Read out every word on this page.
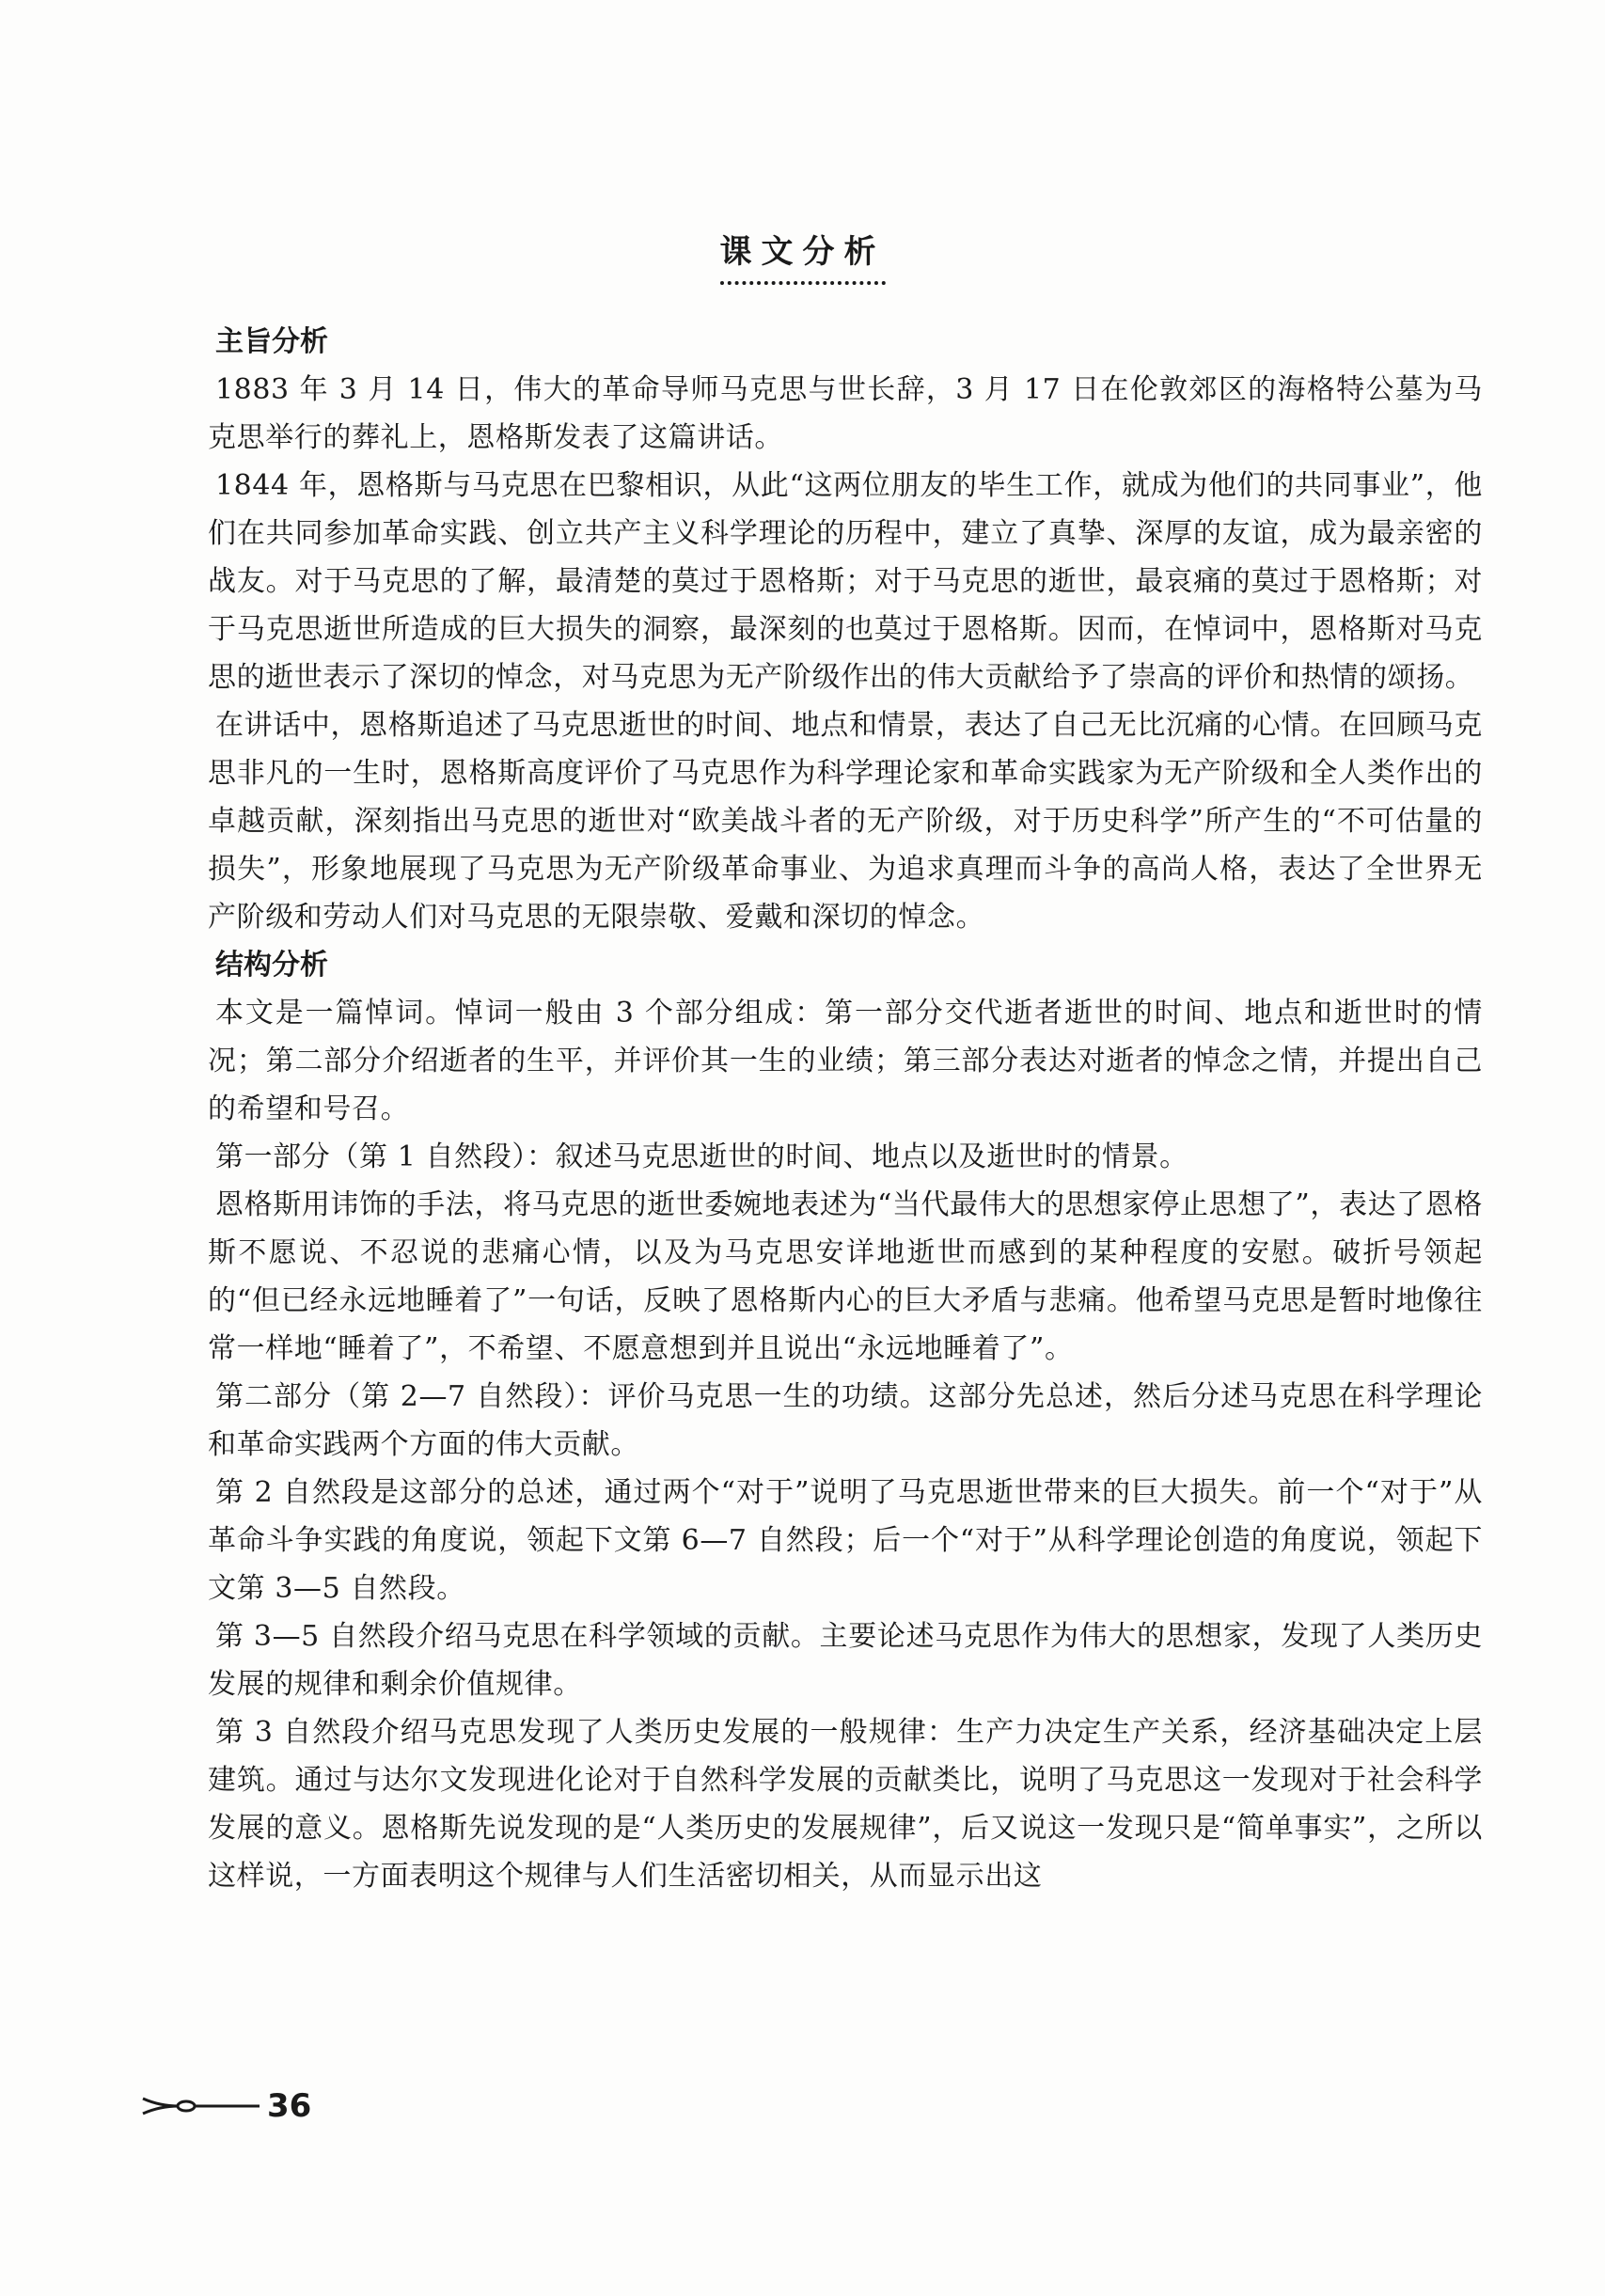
课文分析

主旨分析

1883 年 3 月 14 日，伟大的革命导师马克思与世长辞，3 月 17 日在伦敦郊区的海格特公墓为马克思举行的葬礼上，恩格斯发表了这篇讲话。

1844 年，恩格斯与马克思在巴黎相识，从此“这两位朋友的毕生工作，就成为他们的共同事业”，他们在共同参加革命实践、创立共产主义科学理论的历程中，建立了真挚、深厚的友谊，成为最亲密的战友。对于马克思的了解，最清楚的莫过于恩格斯；对于马克思的逝世，最哀痛的莫过于恩格斯；对于马克思逝世所造成的巨大损失的洞察，最深刻的也莫过于恩格斯。因而，在悼词中，恩格斯对马克思的逝世表示了深切的悼念，对马克思为无产阶级作出的伟大贡献给予了崇高的评价和热情的颂扬。

在讲话中，恩格斯追述了马克思逝世的时间、地点和情景，表达了自己无比沉痛的心情。在回顾马克思非凡的一生时，恩格斯高度评价了马克思作为科学理论家和革命实践家为无产阶级和全人类作出的卓越贡献，深刻指出马克思的逝世对“欧美战斗者的无产阶级，对于历史科学”所产生的“不可估量的损失”，形象地展现了马克思为无产阶级革命事业、为追求真理而斗争的高尚人格，表达了全世界无产阶级和劳动人们对马克思的无限崇敬、爱戴和深切的悼念。

结构分析

本文是一篇悼词。悼词一般由 3 个部分组成：第一部分交代逝者逝世的时间、地点和逝世时的情况；第二部分介绍逝者的生平，并评价其一生的业绩；第三部分表达对逝者的悼念之情，并提出自己的希望和号召。

第一部分（第 1 自然段）：叙述马克思逝世的时间、地点以及逝世时的情景。

恩格斯用讳饰的手法，将马克思的逝世委婉地表述为“当代最伟大的思想家停止思想了”，表达了恩格斯不愿说、不忍说的悲痛心情，以及为马克思安详地逝世而感到的某种程度的安慰。破折号领起的“但已经永远地睡着了”一句话，反映了恩格斯内心的巨大矛盾与悲痛。他希望马克思是暂时地像往常一样地“睡着了”，不希望、不愿意想到并且说出“永远地睡着了”。

第二部分（第 2—7 自然段）：评价马克思一生的功绩。这部分先总述，然后分述马克思在科学理论和革命实践两个方面的伟大贡献。

第 2 自然段是这部分的总述，通过两个“对于”说明了马克思逝世带来的巨大损失。前一个“对于”从革命斗争实践的角度说，领起下文第 6—7 自然段；后一个“对于”从科学理论创造的角度说，领起下文第 3—5 自然段。

第 3—5 自然段介绍马克思在科学领域的贡献。主要论述马克思作为伟大的思想家，发现了人类历史发展的规律和剩余价值规律。

第 3 自然段介绍马克思发现了人类历史发展的一般规律：生产力决定生产关系，经济基础决定上层建筑。通过与达尔文发现进化论对于自然科学发展的贡献类比，说明了马克思这一发现对于社会科学发展的意义。恩格斯先说发现的是“人类历史的发展规律”，后又说这一发现只是“简单事实”，之所以这样说，一方面表明这个规律与人们生活密切相关，从而显示出这

36
